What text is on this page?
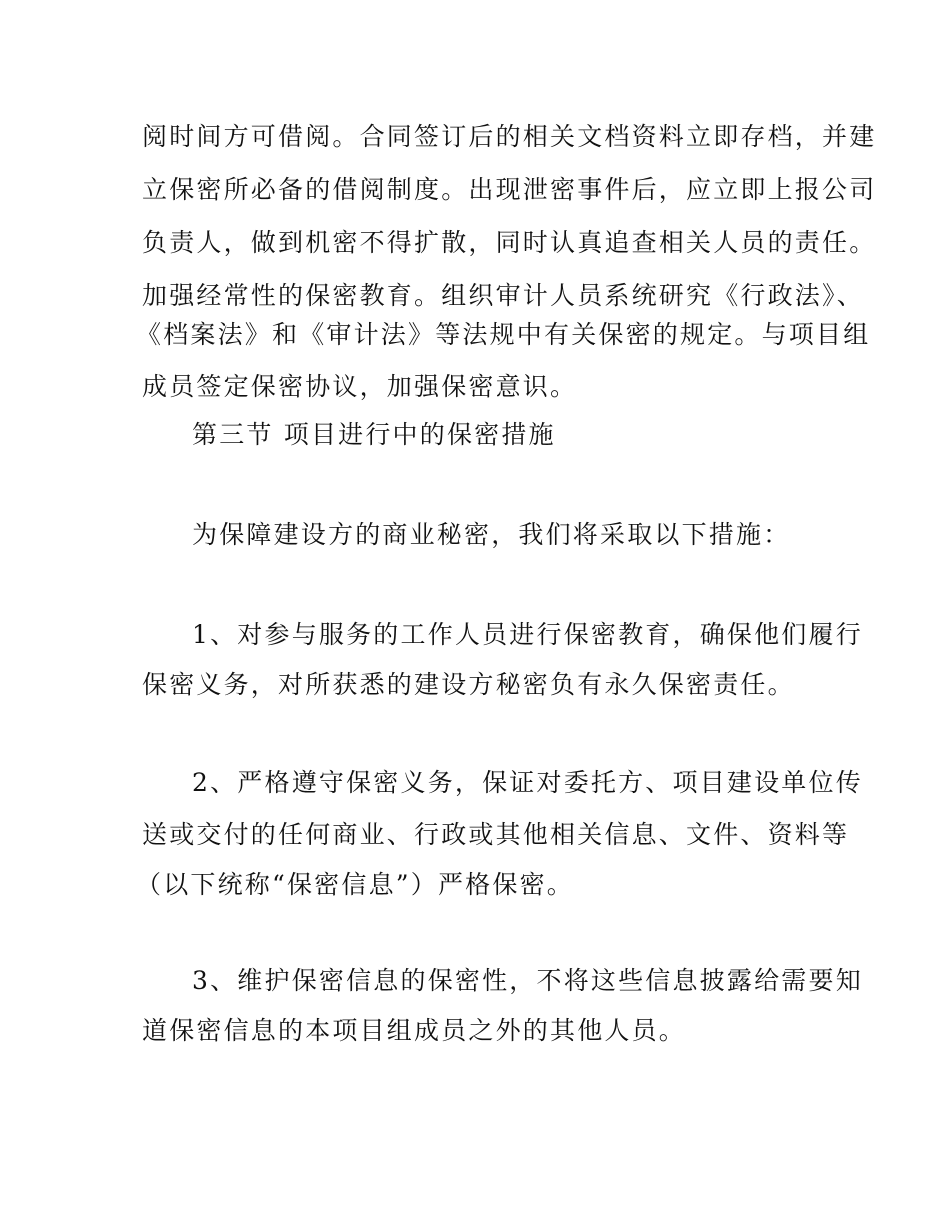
阅时间方可借阅。合同签订后的相关文档资料立即存档，并建
立保密所必备的借阅制度。出现泄密事件后，应立即上报公司
负责人，做到机密不得扩散，同时认真追查相关人员的责任。
加强经常性的保密教育。组织审计人员系统研究《行政法》、
《档案法》和《审计法》等法规中有关保密的规定。与项目组
成员签定保密协议，加强保密意识。
第三节 项目进行中的保密措施
为保障建设方的商业秘密，我们将采取以下措施：
1、对参与服务的工作人员进行保密教育，确保他们履行
保密义务，对所获悉的建设方秘密负有永久保密责任。
2、严格遵守保密义务，保证对委托方、项目建设单位传
送或交付的任何商业、行政或其他相关信息、文件、资料等
（以下统称“保密信息”）严格保密。
3、维护保密信息的保密性，不将这些信息披露给需要知
道保密信息的本项目组成员之外的其他人员。
